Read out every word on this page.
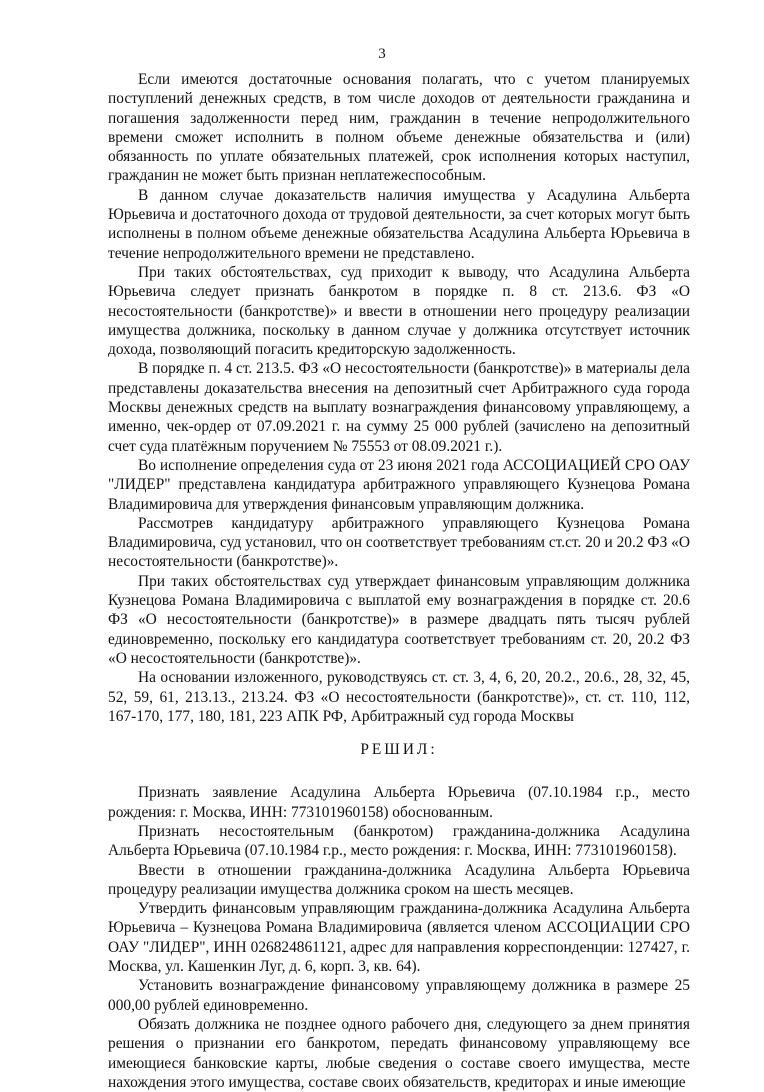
3

Если имеются достаточные основания полагать, что с учетом планируемых поступлений денежных средств, в том числе доходов от деятельности гражданина и погашения задолженности перед ним, гражданин в течение непродолжительного времени сможет исполнить в полном объеме денежные обязательства и (или) обязанность по уплате обязательных платежей, срок исполнения которых наступил, гражданин не может быть признан неплатежеспособным.

В данном случае доказательств наличия имущества у Асадулина Альберта Юрьевича и достаточного дохода от трудовой деятельности, за счет которых могут быть исполнены в полном объеме денежные обязательства Асадулина Альберта Юрьевича в течение непродолжительного времени не представлено.

При таких обстоятельствах, суд приходит к выводу, что Асадулина Альберта Юрьевича следует признать банкротом в порядке п. 8 ст. 213.6. ФЗ «О несостоятельности (банкротстве)» и ввести в отношении него процедуру реализации имущества должника, поскольку в данном случае у должника отсутствует источник дохода, позволяющий погасить кредиторскую задолженность.

В порядке п. 4 ст. 213.5. ФЗ «О несостоятельности (банкротстве)» в материалы дела представлены доказательства внесения на депозитный счет Арбитражного суда города Москвы денежных средств на выплату вознаграждения финансовому управляющему, а именно, чек-ордер от 07.09.2021 г. на сумму 25 000 рублей (зачислено на депозитный счет суда платёжным поручением № 75553 от 08.09.2021 г.).

Во исполнение определения суда от 23 июня 2021 года АССОЦИАЦИЕЙ СРО ОАУ "ЛИДЕР" представлена кандидатура арбитражного управляющего Кузнецова Романа Владимировича для утверждения финансовым управляющим должника.

Рассмотрев кандидатуру арбитражного управляющего Кузнецова Романа Владимировича, суд установил, что он соответствует требованиям ст.ст. 20 и 20.2 ФЗ «О несостоятельности (банкротстве)».

При таких обстоятельствах суд утверждает финансовым управляющим должника Кузнецова Романа Владимировича с выплатой ему вознаграждения в порядке ст. 20.6 ФЗ «О несостоятельности (банкротстве)» в размере двадцать пять тысяч рублей единовременно, поскольку его кандидатура соответствует требованиям ст. 20, 20.2 ФЗ «О несостоятельности (банкротстве)».

На основании изложенного, руководствуясь ст. ст. 3, 4, 6, 20, 20.2., 20.6., 28, 32, 45, 52, 59, 61, 213.13., 213.24. ФЗ «О несостоятельности (банкротстве)», ст. ст. 110, 112, 167-170, 177, 180, 181, 223 АПК РФ, Арбитражный суд города Москвы

РЕШИЛ:

Признать заявление Асадулина Альберта Юрьевича (07.10.1984 г.р., место рождения: г. Москва, ИНН: 773101960158) обоснованным.

Признать несостоятельным (банкротом) гражданина-должника Асадулина Альберта Юрьевича (07.10.1984 г.р., место рождения: г. Москва, ИНН: 773101960158).

Ввести в отношении гражданина-должника Асадулина Альберта Юрьевича процедуру реализации имущества должника сроком на шесть месяцев.

Утвердить финансовым управляющим гражданина-должника Асадулина Альберта Юрьевича – Кузнецова Романа Владимировича (является членом АССОЦИАЦИИ СРО ОАУ "ЛИДЕР", ИНН 026824861121, адрес для направления корреспонденции: 127427, г. Москва, ул. Кашенкин Луг, д. 6, корп. 3, кв. 64).

Установить вознаграждение финансовому управляющему должника в размере 25 000,00 рублей единовременно.

Обязать должника не позднее одного рабочего дня, следующего за днем принятия решения о признании его банкротом, передать финансовому управляющему все имеющиеся банковские карты, любые сведения о составе своего имущества, месте нахождения этого имущества, составе своих обязательств, кредиторах и иные имеющие
